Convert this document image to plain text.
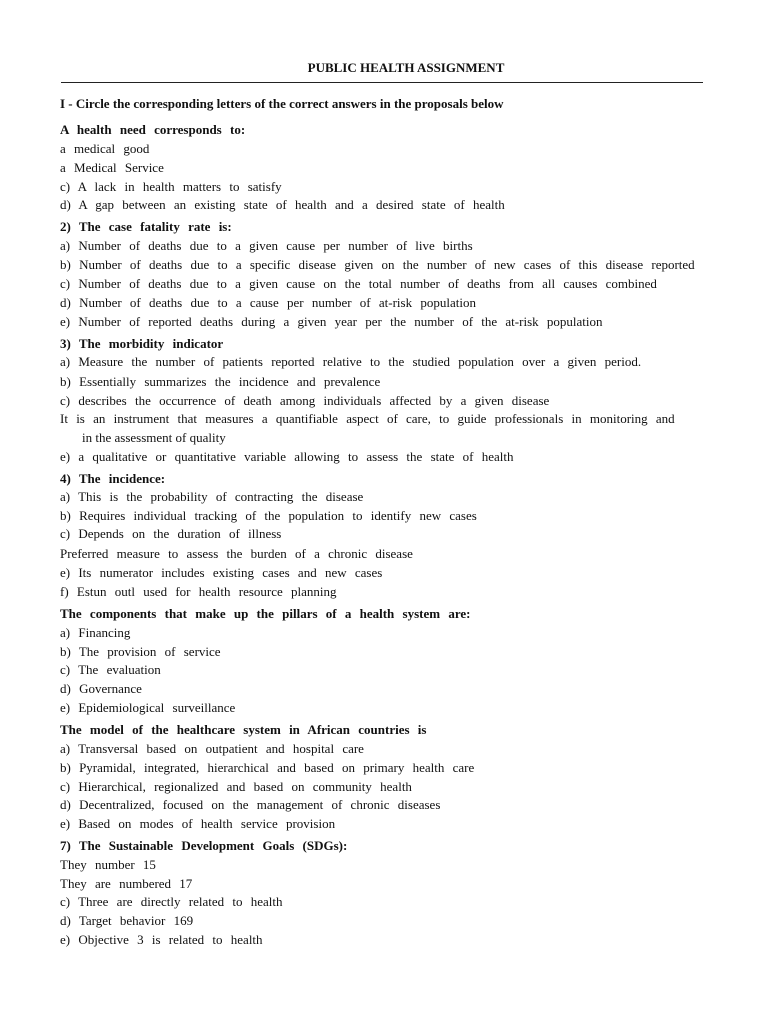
PUBLIC HEALTH ASSIGNMENT
I - Circle the corresponding letters of the correct answers in the proposals below
A health need corresponds to:
a medical good
a Medical Service
c) A lack in health matters to satisfy
d) A gap between an existing state of health and a desired state of health
2) The case fatality rate is:
a) Number of deaths due to a given cause per number of live births
b) Number of deaths due to a specific disease given on the number of new cases of this disease reported
c) Number of deaths due to a given cause on the total number of deaths from all causes combined
d) Number of deaths due to a cause per number of at-risk population
e) Number of reported deaths during a given year per the number of the at-risk population
3) The morbidity indicator
a) Measure the number of patients reported relative to the studied population over a given period.
b) Essentially summarizes the incidence and prevalence
c) describes the occurrence of death among individuals affected by a given disease
It is an instrument that measures a quantifiable aspect of care, to guide professionals in monitoring and
in the assessment of quality
e) a qualitative or quantitative variable allowing to assess the state of health
4) The incidence:
a) This is the probability of contracting the disease
b) Requires individual tracking of the population to identify new cases
c) Depends on the duration of illness
Preferred measure to assess the burden of a chronic disease
e) Its numerator includes existing cases and new cases
f) Estun outl used for health resource planning
The components that make up the pillars of a health system are:
a) Financing
b) The provision of service
c) The evaluation
d) Governance
e) Epidemiological surveillance
The model of the healthcare system in African countries is
a) Transversal based on outpatient and hospital care
b) Pyramidal, integrated, hierarchical and based on primary health care
c) Hierarchical, regionalized and based on community health
d) Decentralized, focused on the management of chronic diseases
e) Based on modes of health service provision
7) The Sustainable Development Goals (SDGs):
They number 15
They are numbered 17
c) Three are directly related to health
d) Target behavior 169
e) Objective 3 is related to health
